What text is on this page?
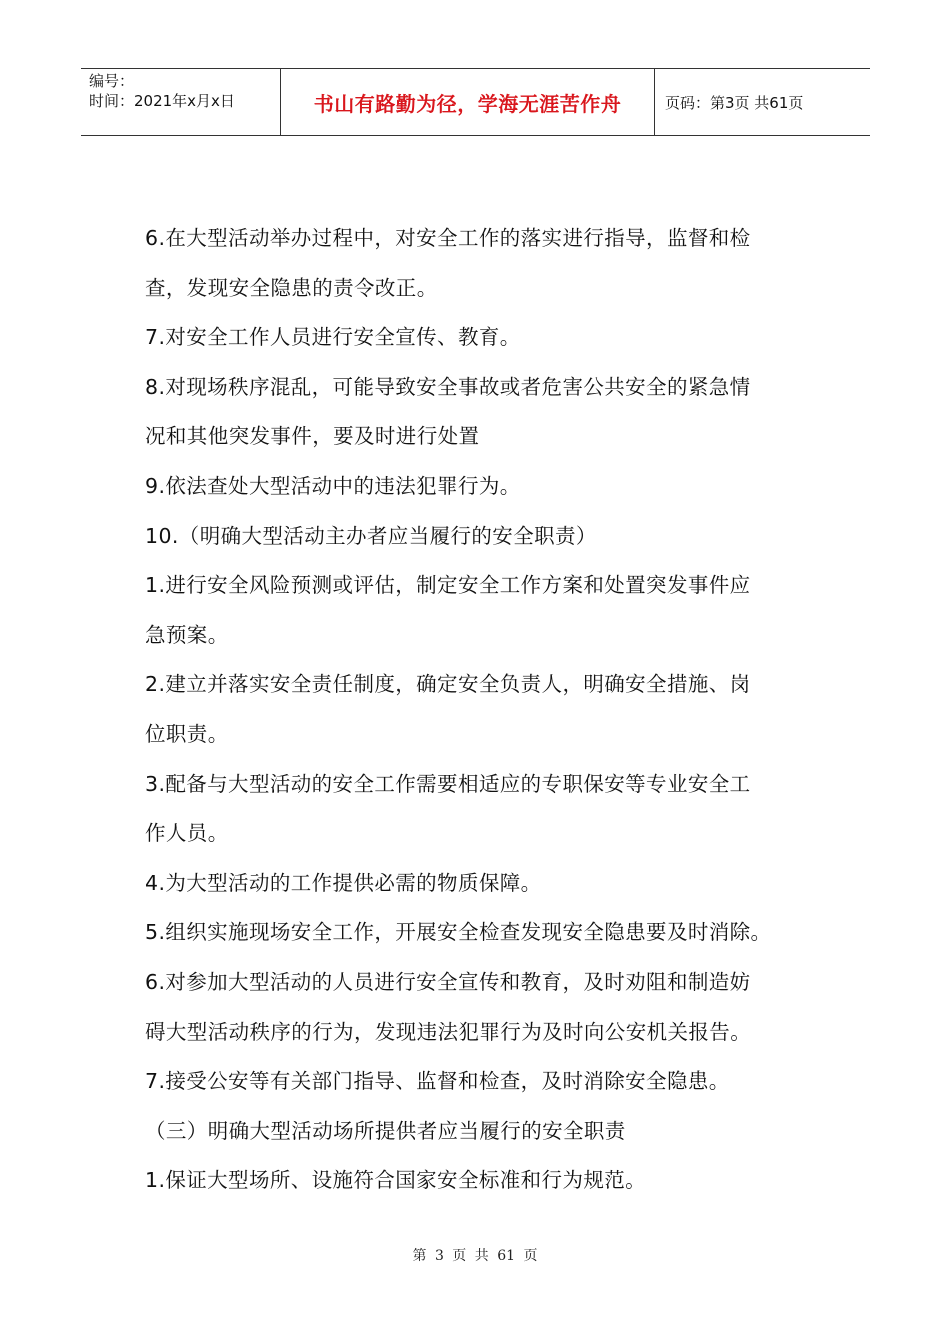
编号：
时间：2021年x月x日	书山有路勤为径，学海无涯苦作舟	页码：第3页 共61页

6.在大型活动举办过程中，对安全工作的落实进行指导，监督和检

查，发现安全隐患的责令改正。

7.对安全工作人员进行安全宣传、教育。

8.对现场秩序混乱，可能导致安全事故或者危害公共安全的紧急情

况和其他突发事件，要及时进行处置

9.依法查处大型活动中的违法犯罪行为。

10.（明确大型活动主办者应当履行的安全职责）

1.进行安全风险预测或评估，制定安全工作方案和处置突发事件应

急预案。

2.建立并落实安全责任制度，确定安全负责人，明确安全措施、岗

位职责。

3.配备与大型活动的安全工作需要相适应的专职保安等专业安全工

作人员。

4.为大型活动的工作提供必需的物质保障。

5.组织实施现场安全工作，开展安全检查发现安全隐患要及时消除。

6.对参加大型活动的人员进行安全宣传和教育，及时劝阻和制造妨

碍大型活动秩序的行为，发现违法犯罪行为及时向公安机关报告。

7.接受公安等有关部门指导、监督和检查，及时消除安全隐患。

（三）明确大型活动场所提供者应当履行的安全职责

1.保证大型场所、设施符合国家安全标准和行为规范。

第 3 页 共 61 页
